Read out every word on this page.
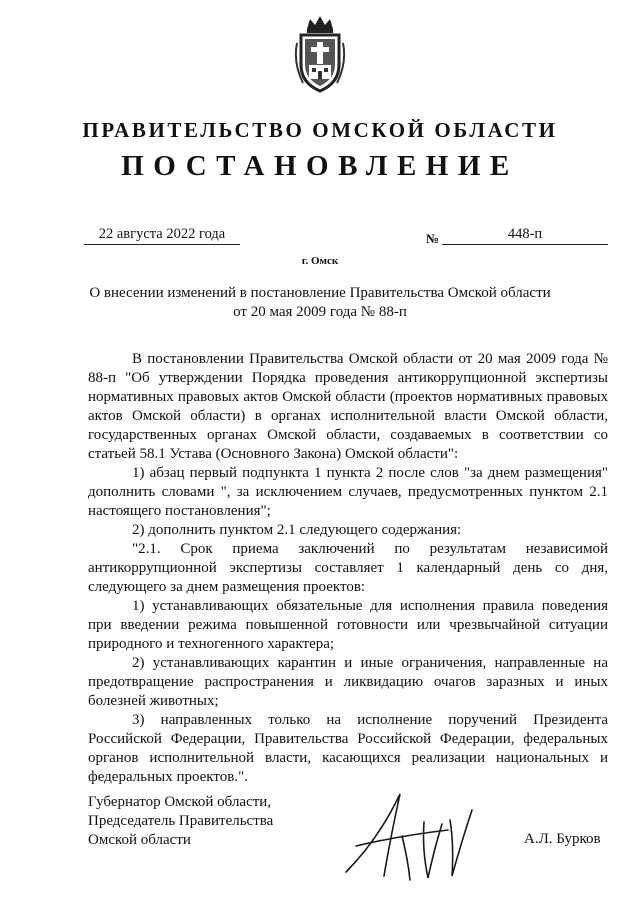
ПРАВИТЕЛЬСТВО ОМСКОЙ ОБЛАСТИ
ПОСТАНОВЛЕНИЕ
22 августа 2022 года	№	448-п
г. Омск
О внесении изменений в постановление Правительства Омской области
от 20 мая 2009 года № 88-п

В постановлении Правительства Омской области от 20 мая 2009 года № 88-п "Об утверждении Порядка проведения антикоррупционной экспертизы нормативных правовых актов Омской области (проектов нормативных правовых актов Омской области) в органах исполнительной власти Омской области, государственных органах Омской области, создаваемых в соответствии со статьей 58.1 Устава (Основного Закона) Омской области":

1) абзац первый подпункта 1 пункта 2 после слов "за днем размещения" дополнить словами ", за исключением случаев, предусмотренных пунктом 2.1 настоящего постановления";

2) дополнить пунктом 2.1 следующего содержания:

"2.1. Срок приема заключений по результатам независимой антикоррупционной экспертизы составляет 1 календарный день со дня, следующего за днем размещения проектов:

1) устанавливающих обязательные для исполнения правила поведения при введении режима повышенной готовности или чрезвычайной ситуации природного и техногенного характера;

2) устанавливающих карантин и иные ограничения, направленные на предотвращение распространения и ликвидацию очагов заразных и иных болезней животных;

3) направленных только на исполнение поручений Президента Российской Федерации, Правительства Российской Федерации, федеральных органов исполнительной власти, касающихся реализации национальных и федеральных проектов.".

Губернатор Омской области,
Председатель Правительства
Омской области	А.Л. Бурков
